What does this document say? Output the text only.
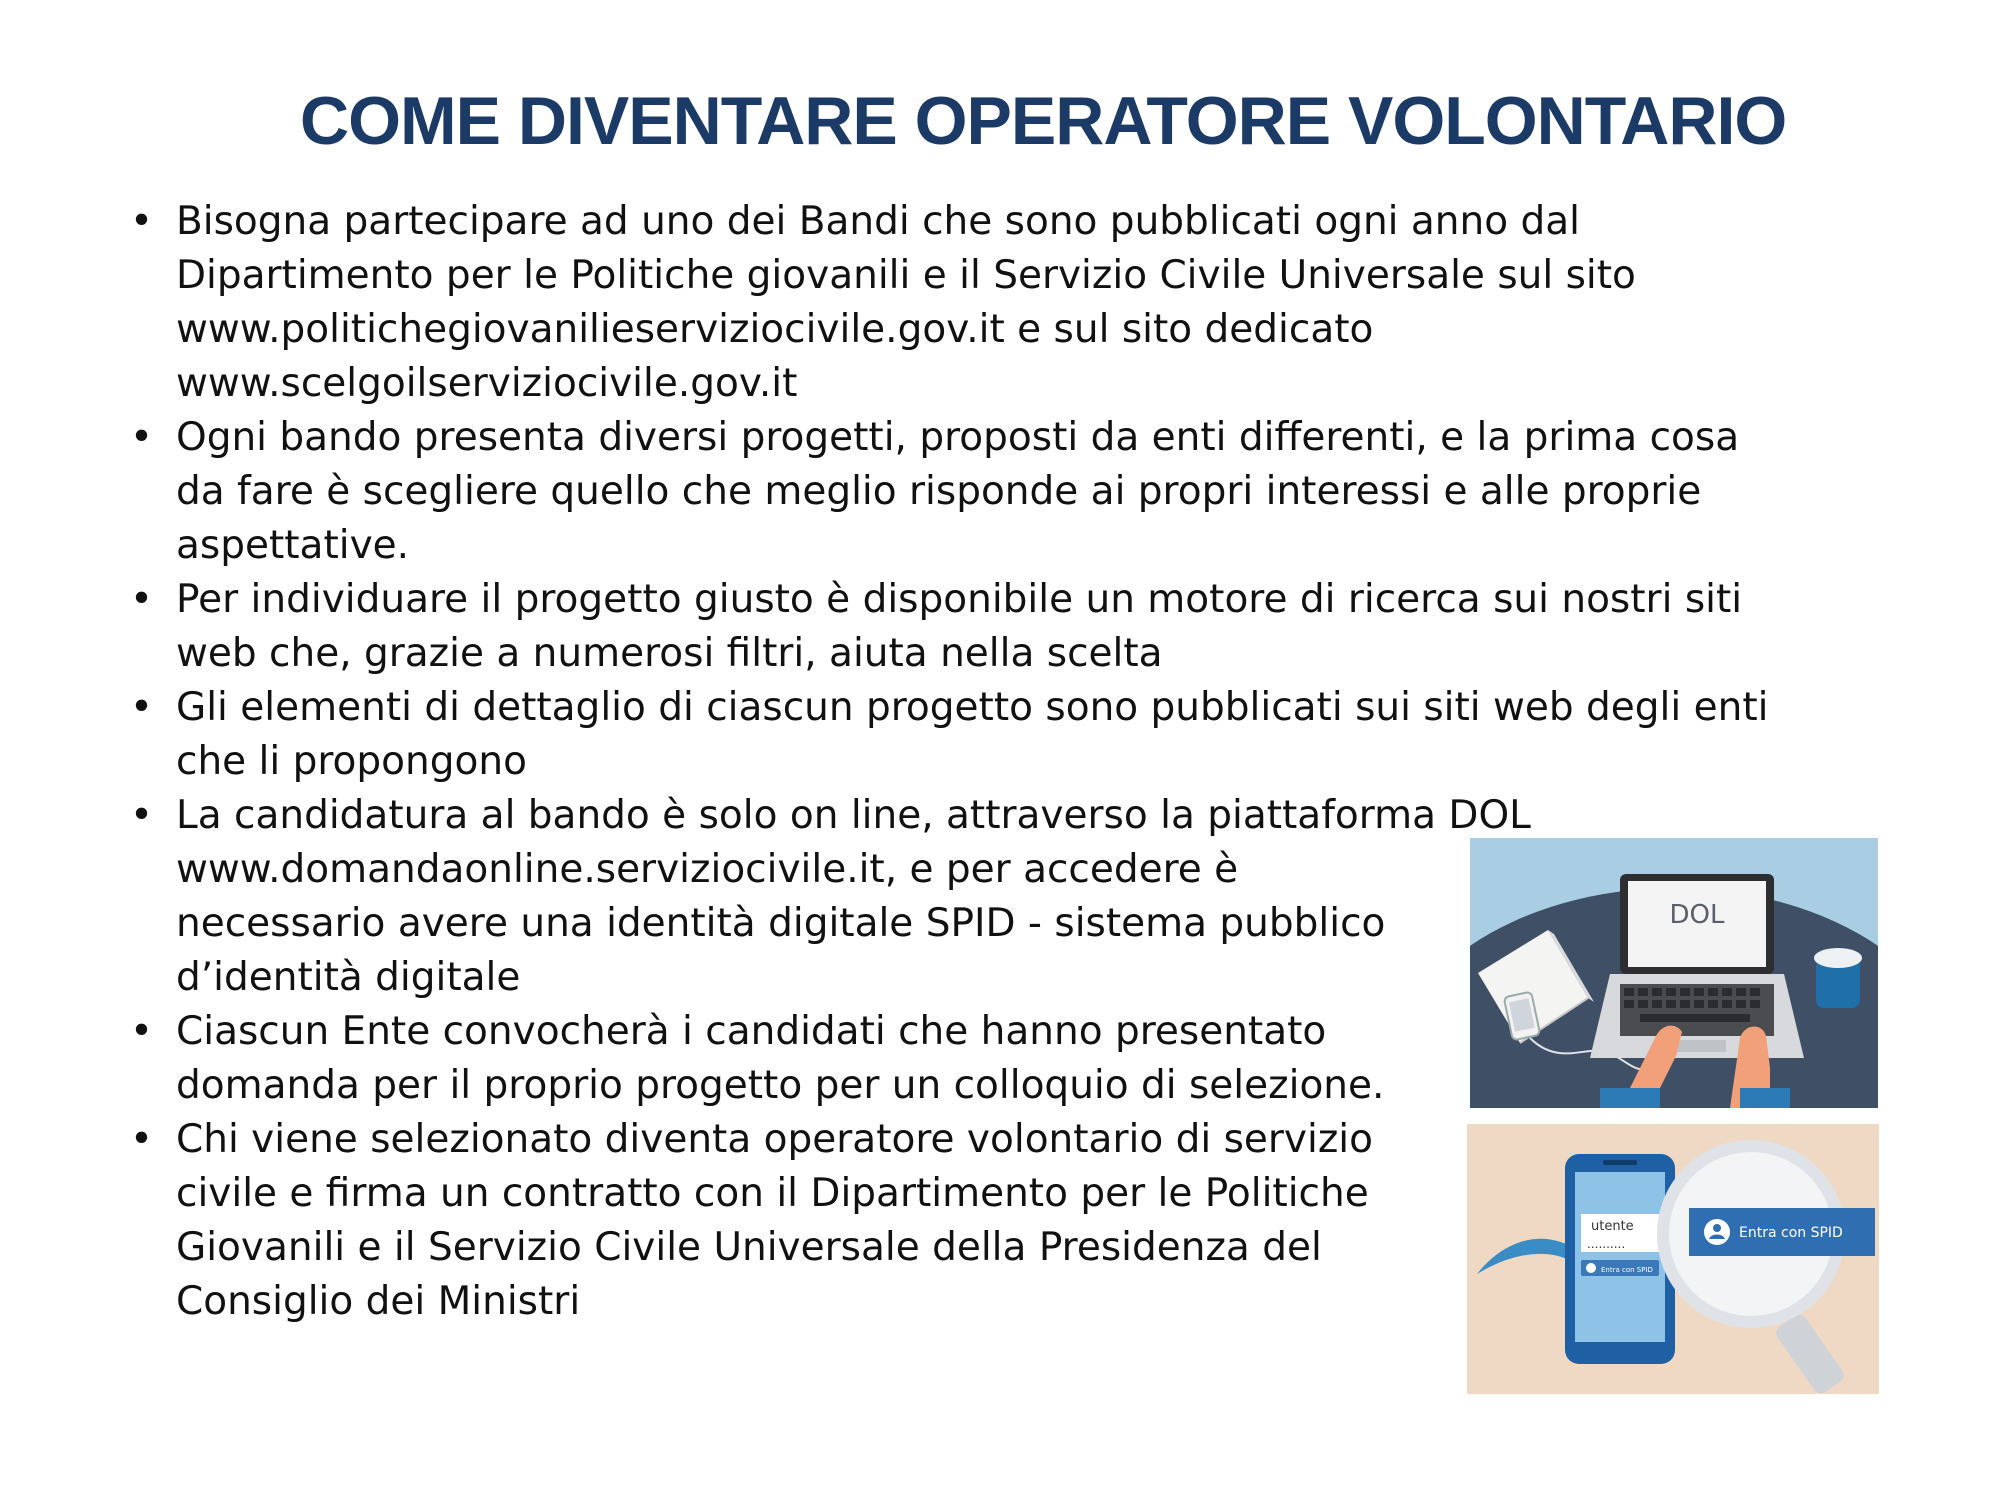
COME DIVENTARE OPERATORE VOLONTARIO
• Bisogna partecipare ad uno dei Bandi che sono pubblicati ogni anno dal
Dipartimento per le Politiche giovanili e il Servizio Civile Universale sul sito
www.politichegiovanilieserviziocivile.gov.it e sul sito dedicato
www.scelgoilserviziocivile.gov.it
• Ogni bando presenta diversi progetti, proposti da enti differenti, e la prima cosa
da fare è scegliere quello che meglio risponde ai propri interessi e alle proprie
aspettative.
• Per individuare il progetto giusto è disponibile un motore di ricerca sui nostri siti
web che, grazie a numerosi filtri, aiuta nella scelta
• Gli elementi di dettaglio di ciascun progetto sono pubblicati sui siti web degli enti
che li propongono
• La candidatura al bando è solo on line, attraverso la piattaforma DOL
www.domandaonline.serviziocivile.it, e per accedere è
necessario avere una identità digitale SPID - sistema pubblico
d’identità digitale
• Ciascun Ente convocherà i candidati che hanno presentato
domanda per il proprio progetto per un colloquio di selezione.
• Chi viene selezionato diventa operatore volontario di servizio
civile e firma un contratto con il Dipartimento per le Politiche
Giovanili e il Servizio Civile Universale della Presidenza del
Consiglio dei Ministri
DOL
utente
..........
Entra con SPID
Entra con SPID
